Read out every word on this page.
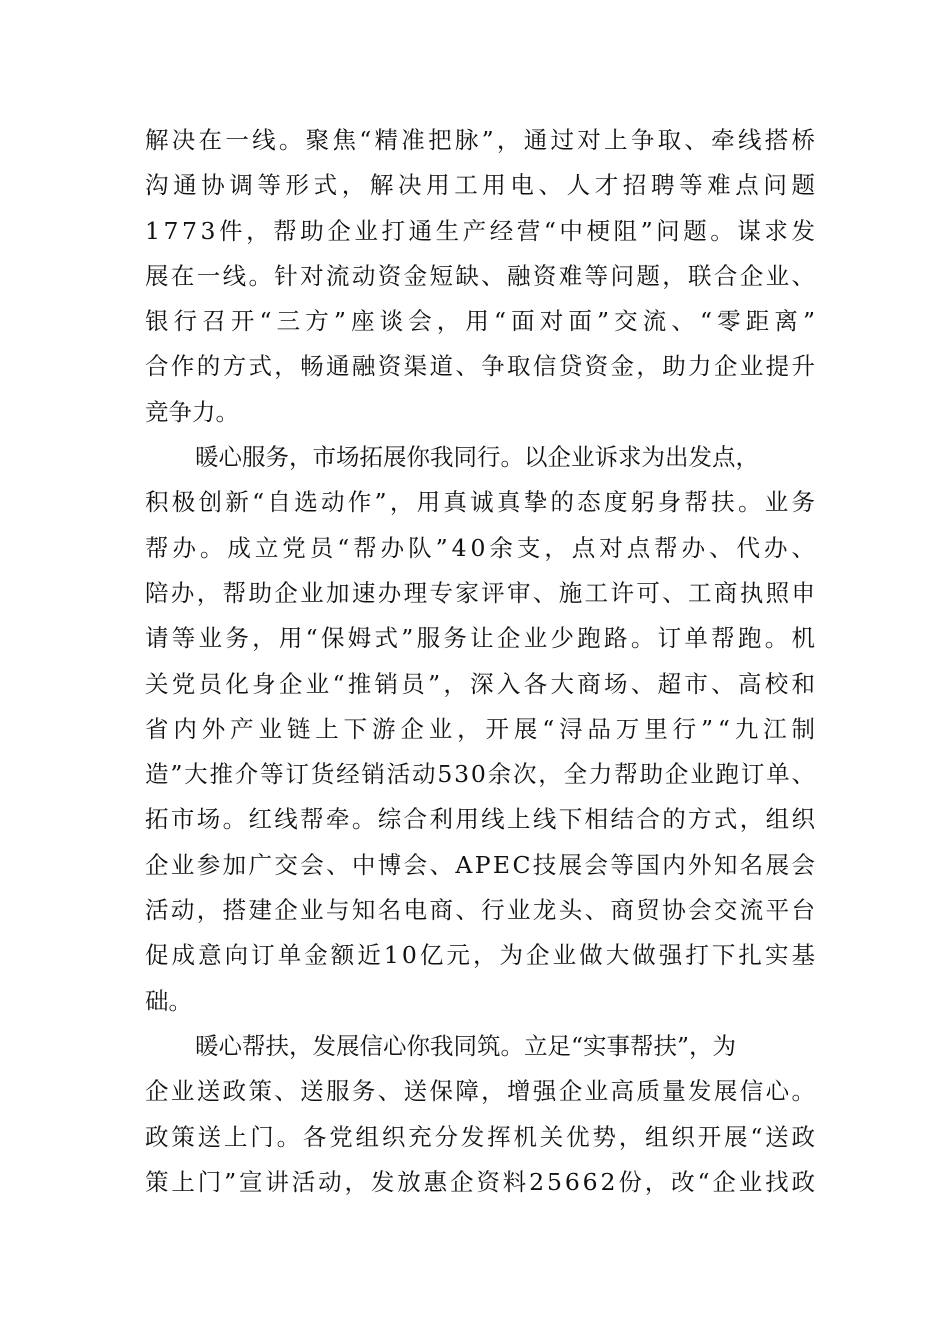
解决在一线。聚焦“精准把脉”，通过对上争取、牵线搭桥
沟通协调等形式，解决用工用电、人才招聘等难点问题
1773件，帮助企业打通生产经营“中梗阻”问题。谋求发
展在一线。针对流动资金短缺、融资难等问题，联合企业、
银行召开“三方”座谈会，用“面对面”交流、“零距离”
合作的方式，畅通融资渠道、争取信贷资金，助力企业提升
竞争力。
暖心服务，市场拓展你我同行。以企业诉求为出发点，
积极创新“自选动作”，用真诚真挚的态度躬身帮扶。业务
帮办。成立党员“帮办队”40余支，点对点帮办、代办、
陪办，帮助企业加速办理专家评审、施工许可、工商执照申
请等业务，用“保姆式”服务让企业少跑路。订单帮跑。机
关党员化身企业“推销员”，深入各大商场、超市、高校和
省内外产业链上下游企业，开展“浔品万里行”“九江制
造”大推介等订货经销活动530余次，全力帮助企业跑订单、
拓市场。红线帮牵。综合利用线上线下相结合的方式，组织
企业参加广交会、中博会、APEC技展会等国内外知名展会
活动，搭建企业与知名电商、行业龙头、商贸协会交流平台
促成意向订单金额近10亿元，为企业做大做强打下扎实基
础。
暖心帮扶，发展信心你我同筑。立足“实事帮扶”，为
企业送政策、送服务、送保障，增强企业高质量发展信心。
政策送上门。各党组织充分发挥机关优势，组织开展“送政
策上门”宣讲活动，发放惠企资料25662份，改“企业找政
